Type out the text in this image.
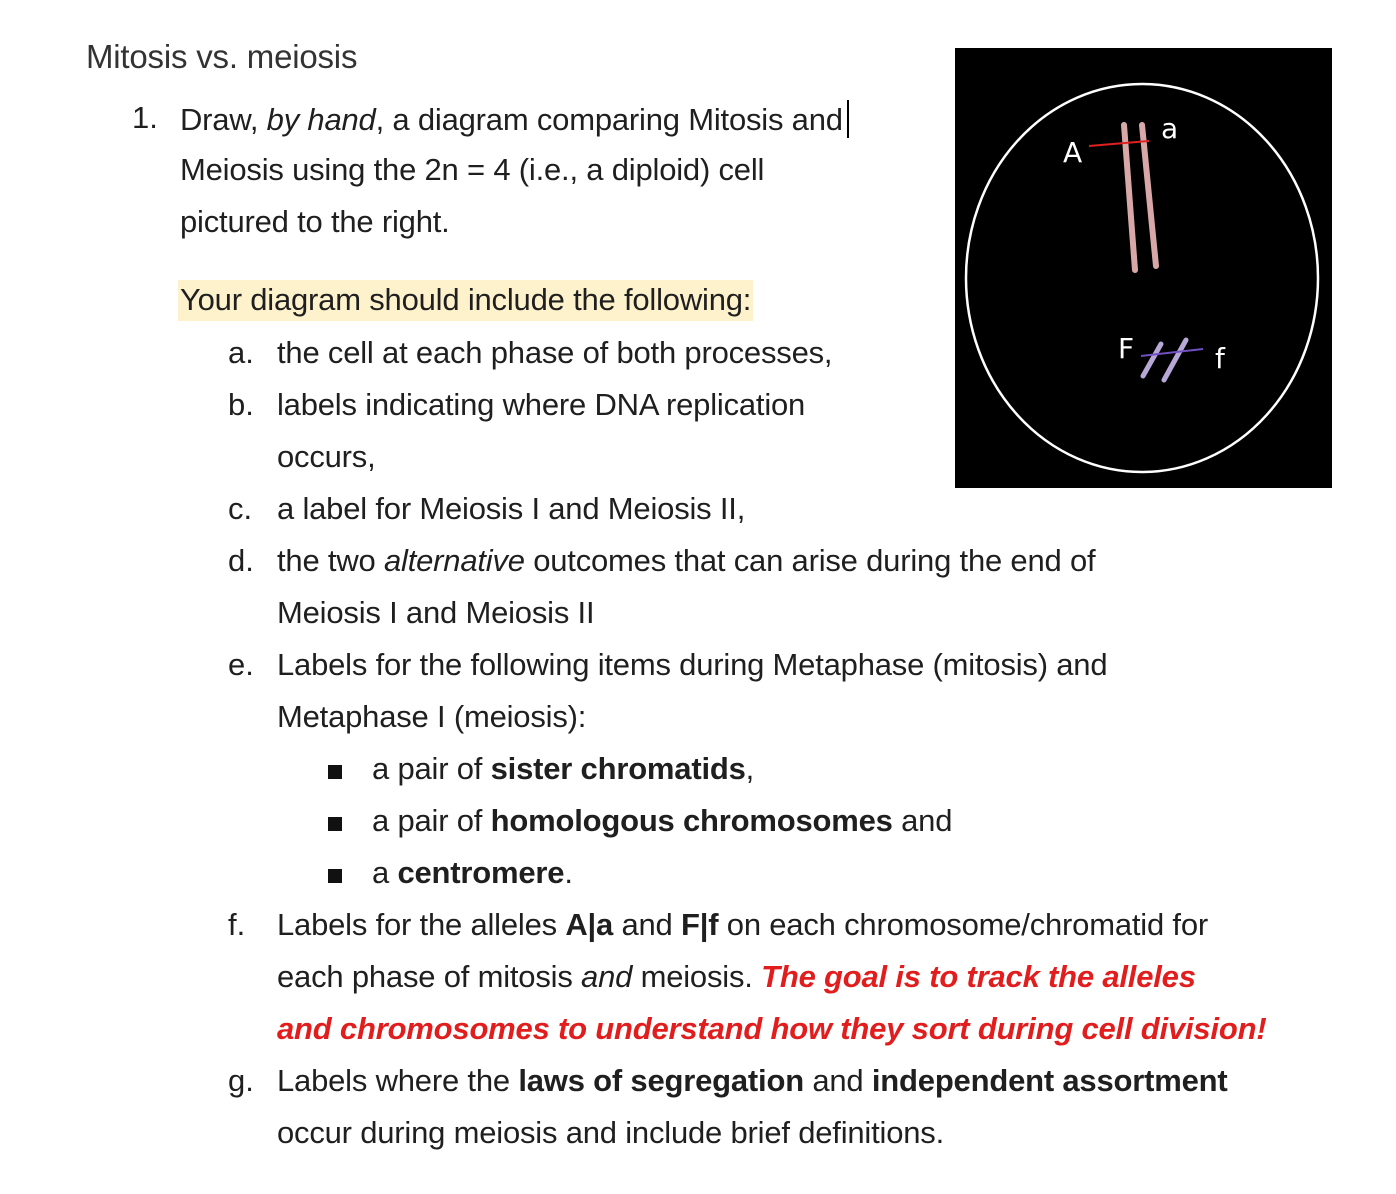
Mitosis vs. meiosis
1. Draw, by hand, a diagram comparing Mitosis and
Meiosis using the 2n = 4 (i.e., a diploid) cell
pictured to the right.
Your diagram should include the following:
a. the cell at each phase of both processes,
b. labels indicating where DNA replication
occurs,
c. a label for Meiosis I and Meiosis II,
d. the two alternative outcomes that can arise during the end of
Meiosis I and Meiosis II
e. Labels for the following items during Metaphase (mitosis) and
Metaphase I (meiosis):
a pair of sister chromatids,
a pair of homologous chromosomes and
a centromere.
f. Labels for the alleles A|a and F|f on each chromosome/chromatid for
each phase of mitosis and meiosis. The goal is to track the alleles
and chromosomes to understand how they sort during cell division!
g. Labels where the laws of segregation and independent assortment
occur during meiosis and include brief definitions.
A
a
F	f
